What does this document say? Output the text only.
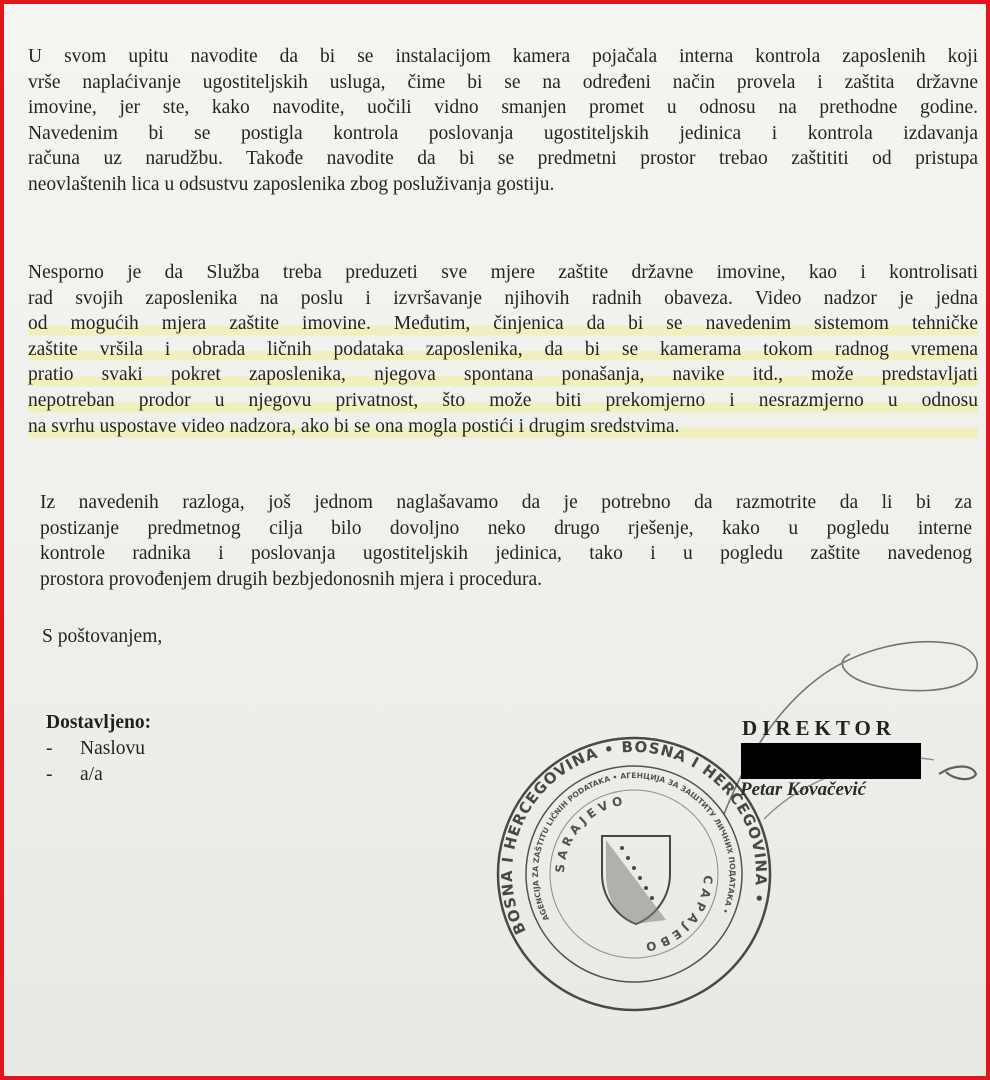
U svom upitu navodite da bi se instalacijom kamera pojačala interna kontrola zaposlenih koji
vrše naplaćivanje ugostiteljskih usluga, čime bi se na određeni način provela i zaštita državne
imovine, jer ste, kako navodite, uočili vidno smanjen promet u odnosu na prethodne godine.
Navedenim bi se postigla kontrola poslovanja ugostiteljskih jedinica i kontrola izdavanja
računa uz narudžbu. Takođe navodite da bi se predmetni prostor trebao zaštititi od pristupa
neovlaštenih lica u odsustvu zaposlenika zbog posluživanja gostiju.
Nesporno je da Služba treba preduzeti sve mjere zaštite državne imovine, kao i kontrolisati
rad svojih zaposlenika na poslu i izvršavanje njihovih radnih obaveza. Video nadzor je jedna
od mogućih mjera zaštite imovine. Međutim, činjenica da bi se navedenim sistemom tehničke
zaštite vršila i obrada ličnih podataka zaposlenika, da bi se kamerama tokom radnog vremena
pratio svaki pokret zaposlenika, njegova spontana ponašanja, navike itd., može predstavljati
nepotreban prodor u njegovu privatnost, što može biti prekomjerno i nesrazmjerno u odnosu
na svrhu uspostave video nadzora, ako bi se ona mogla postići i drugim sredstvima.
Iz navedenih razloga, još jednom naglašavamo da je potrebno da razmotrite da li bi za
postizanje predmetnog cilja bilo dovoljno neko drugo rješenje, kako u pogledu interne
kontrole radnika i poslovanja ugostiteljskih jedinica, tako i u pogledu zaštite navedenog
prostora provođenjem drugih bezbjedonosnih mjera i procedura.
S poštovanjem,
Dostavljeno:
- Naslovu
- a/a
DIREKTOR
Petar Kovačević
BOSNA I HERCEGOVINA • BOSNA I HERCEGOVINA •
AGENCIJA ZA ZAŠTITU LIČNIH PODATAKA • АГЕНЦИЈА ЗА ЗАШТИТУ ЛИЧНИХ ПОДАТАКА •
S A R A J E V O
С А Р А Ј Е В О
